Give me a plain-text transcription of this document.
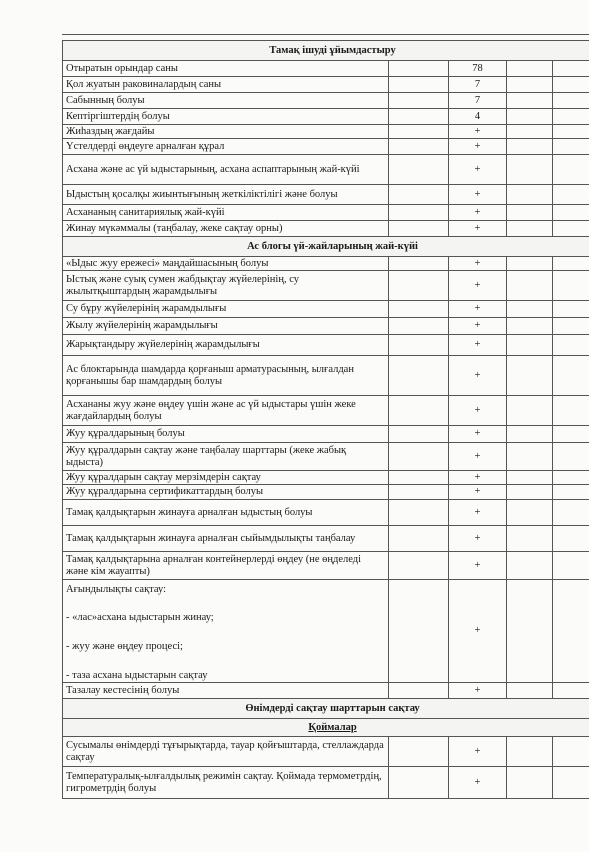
Тамақ ішуді ұйымдастыру				
Отыратын орындар саны		78		
Қол жуатын раковиналардың саны		7		
Сабынның болуы		7		
Кептіргіштердің болуы		4		
Жиһаздың жағдайы		+		
Үстелдерді өңдеуге арналған құрал		+		
Асхана және ас үй ыдыстарының, асхана аспаптарының жай-күйі		+		
Ыдыстың қосалқы жиынтығының жеткіліктілігі және болуы		+		
Асхананың санитариялық жай-күйі		+		
Жинау мүкәммалы (таңбалау, жеке сақтау орны)		+		
Ас блогы үй-жайларының жай-күйі				
«Ыдыс жуу ережесі» маңдайшасының болуы		+		
Ыстық және суық сумен жабдықтау жүйелерінің, су жылытқыштардың жарамдылығы		+		
Су бұру жүйелерінің жарамдылығы		+		
Жылу жүйелерінің жарамдылығы		+		
Жарықтандыру жүйелерінің жарамдылығы		+		
Ас блоктарында шамдарда қорғаныш арматурасының, ылғалдан қорғанышы бар шамдардың болуы		+		
Асхананы жуу және өңдеу үшін және ас үй ыдыстары үшін жеке жағдайлардың болуы		+		
Жуу құралдарының болуы		+		
Жуу құралдарын сақтау және таңбалау шарттары (жеке жабық ыдыста)		+		
Жуу құралдарын сақтау мерзімдерін сақтау		+		
Жуу құралдарына сертификаттардың болуы		+		
Тамақ қалдықтарын жинауға арналған ыдыстың болуы		+		
Тамақ қалдықтарын жинауға арналған сыйымдылықты таңбалау		+		
Тамақ қалдықтарына арналған контейнерлерді өңдеу (не өңделеді және кім жауапты)		+		

Ағындылықты сақтау:
- «лас»асхана ыдыстарын жинау;
- жуу және өңдеу процесі;
- таза асхана ыдыстарын сақтау		+		
Тазалау кестесінің болуы		+		
Өнімдерді сақтау шарттарын сақтау				
Қоймалар				
Сусымалы өнімдерді тұғырықтарда, тауар қойғыштарда, стеллаждарда сақтау		+		
Температуралық-ылғалдылық режимін сақтау. Қоймада термометрдің, гигрометрдің болуы		+		
